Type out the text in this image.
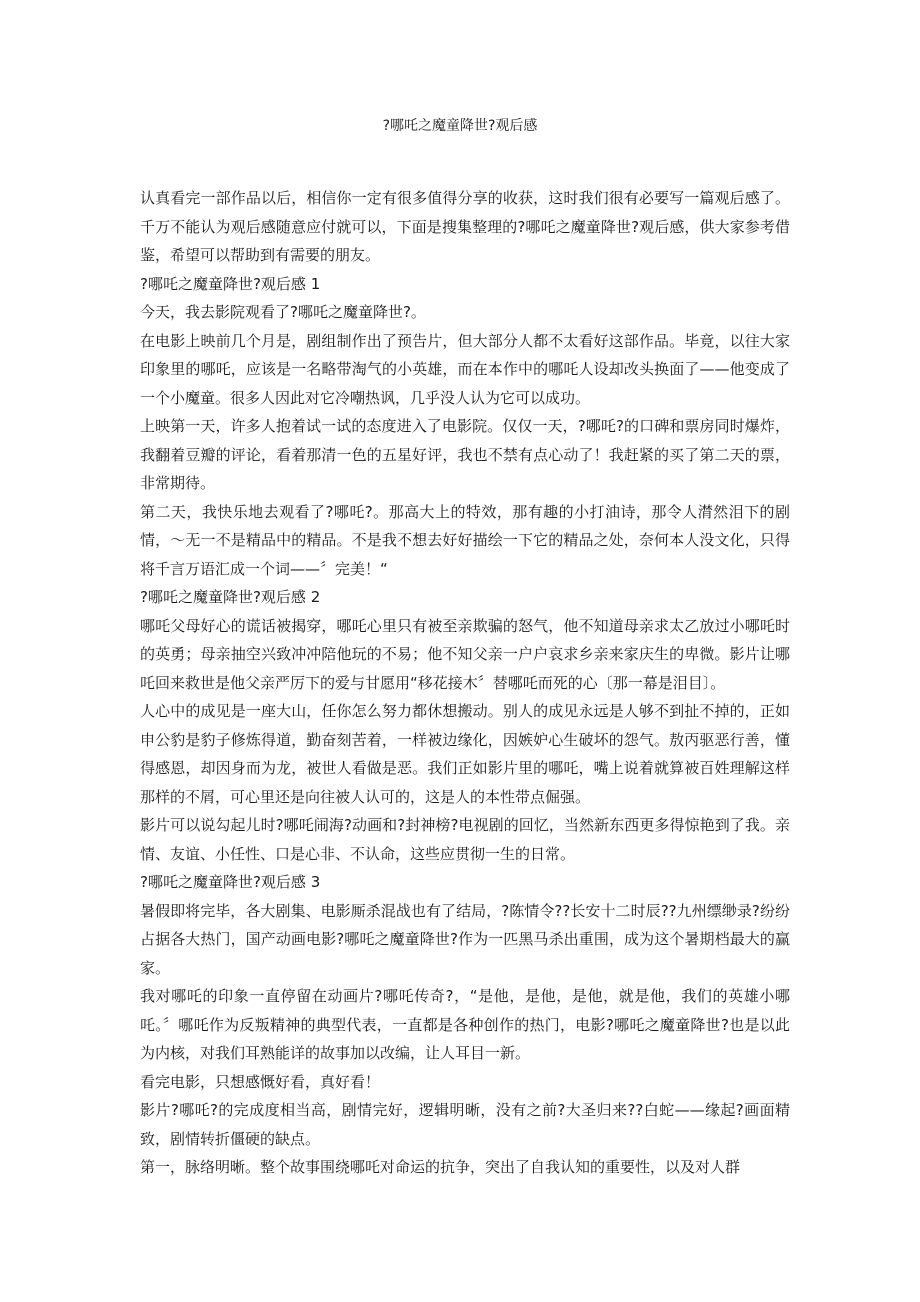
?哪吒之魔童降世?观后感

认真看完一部作品以后，相信你一定有很多值得分享的收获，这时我们很有必要写一篇观后感了。千万不能认为观后感随意应付就可以，下面是搜集整理的?哪吒之魔童降世?观后感，供大家参考借鉴，希望可以帮助到有需要的朋友。

?哪吒之魔童降世?观后感 1

今天，我去影院观看了?哪吒之魔童降世?。

在电影上映前几个月是，剧组制作出了预告片，但大部分人都不太看好这部作品。毕竟，以往大家印象里的哪吒，应该是一名略带淘气的小英雄，而在本作中的哪吒人设却改头换面了——他变成了一个小魔童。很多人因此对它冷嘲热讽，几乎没人认为它可以成功。

上映第一天，许多人抱着试一试的态度进入了电影院。仅仅一天，?哪吒?的口碑和票房同时爆炸，我翻着豆瓣的评论，看着那清一色的五星好评，我也不禁有点心动了！我赶紧的买了第二天的票，非常期待。

第二天，我快乐地去观看了?哪吒?。那高大上的特效，那有趣的小打油诗，那令人潸然泪下的剧情，～无一不是精品中的精品。不是我不想去好好描绘一下它的精品之处，奈何本人没文化，只得将千言万语汇成一个词——〞完美！“

?哪吒之魔童降世?观后感 2

哪吒父母好心的谎话被揭穿，哪吒心里只有被至亲欺骗的怒气，他不知道母亲求太乙放过小哪吒时的英勇；母亲抽空兴致冲冲陪他玩的不易；他不知父亲一户户哀求乡亲来家庆生的卑微。影片让哪吒回来救世是他父亲严厉下的爱与甘愿用“移花接木〞替哪吒而死的心〔那一幕是泪目〕。

人心中的成见是一座大山，任你怎么努力都休想搬动。别人的成见永远是人够不到扯不掉的，正如申公豹是豹子修炼得道，勤奋刻苦着，一样被边缘化，因嫉妒心生破坏的怨气。敖丙驱恶行善，懂得感恩，却因身而为龙，被世人看做是恶。我们正如影片里的哪吒，嘴上说着就算被百姓理解这样那样的不屑，可心里还是向往被人认可的，这是人的本性带点倔强。

影片可以说勾起儿时?哪吒闹海?动画和?封神榜?电视剧的回忆，当然新东西更多得惊艳到了我。亲情、友谊、小任性、口是心非、不认命，这些应贯彻一生的日常。

?哪吒之魔童降世?观后感 3

暑假即将完毕，各大剧集、电影厮杀混战也有了结局，?陈情令??长安十二时辰??九州缥缈录?纷纷占据各大热门，国产动画电影?哪吒之魔童降世?作为一匹黑马杀出重围，成为这个暑期档最大的赢家。

我对哪吒的印象一直停留在动画片?哪吒传奇?，“是他，是他，是他，就是他，我们的英雄小哪吒。〞哪吒作为反叛精神的典型代表，一直都是各种创作的热门，电影?哪吒之魔童降世?也是以此为内核，对我们耳熟能详的故事加以改编，让人耳目一新。

看完电影，只想感慨好看，真好看！

影片?哪吒?的完成度相当高，剧情完好，逻辑明晰，没有之前?大圣归来??白蛇——缘起?画面精致，剧情转折僵硬的缺点。

第一，脉络明晰。整个故事围绕哪吒对命运的抗争，突出了自我认知的重要性，以及对人群
